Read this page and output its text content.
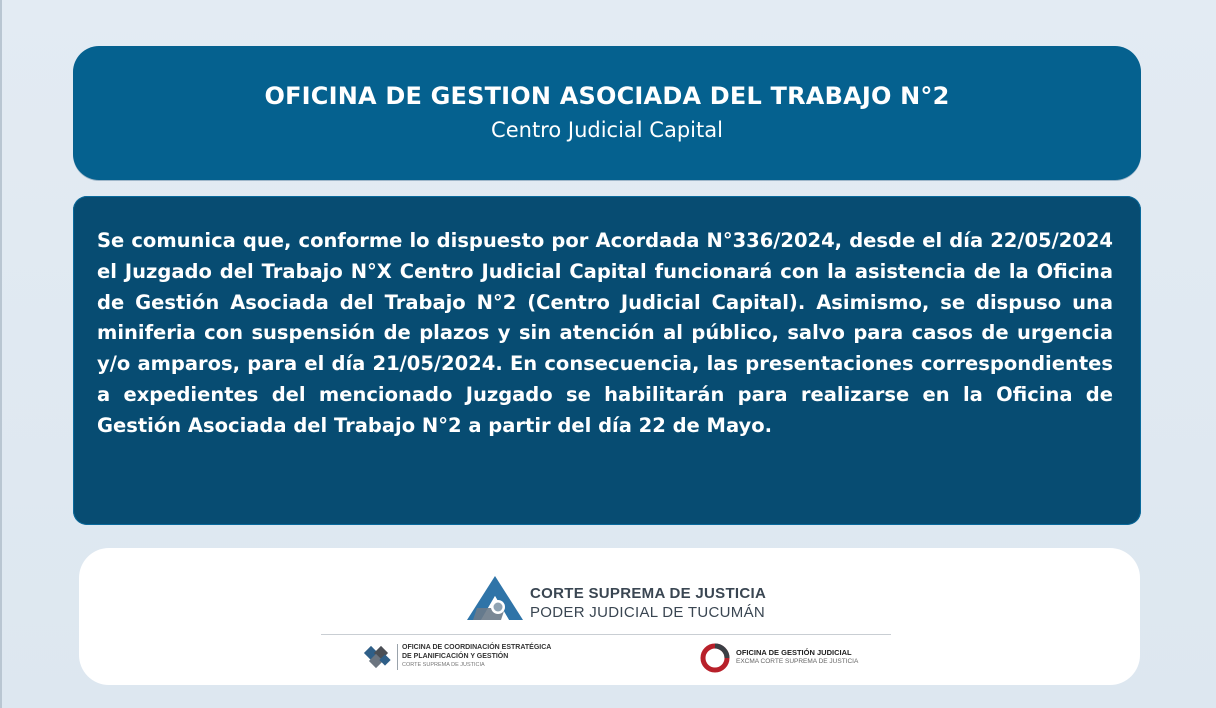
OFICINA DE GESTION ASOCIADA DEL TRABAJO N°2
Centro Judicial Capital
Se comunica que, conforme lo dispuesto por Acordada N°336/2024, desde el día 22/05/2024 el Juzgado del Trabajo N°X Centro Judicial Capital funcionará con la asistencia de la Oficina de Gestión Asociada del Trabajo N°2 (Centro Judicial Capital). Asimismo, se dispuso una miniferia con suspensión de plazos y sin atención al público, salvo para casos de urgencia y/o amparos, para el día 21/05/2024. En consecuencia, las presentaciones correspondientes a expedientes del mencionado Juzgado se habilitarán para realizarse en la Oficina de Gestión Asociada del Trabajo N°2 a partir del día 22 de Mayo.
CORTE SUPREMA DE JUSTICIA
PODER JUDICIAL DE TUCUMÁN
OFICINA DE COORDINACIÓN ESTRATÉGICA
DE PLANIFICACIÓN Y GESTIÓN
CORTE SUPREMA DE JUSTICIA
OFICINA DE GESTIÓN JUDICIAL
EXCMA CORTE SUPREMA DE JUSTICIA
